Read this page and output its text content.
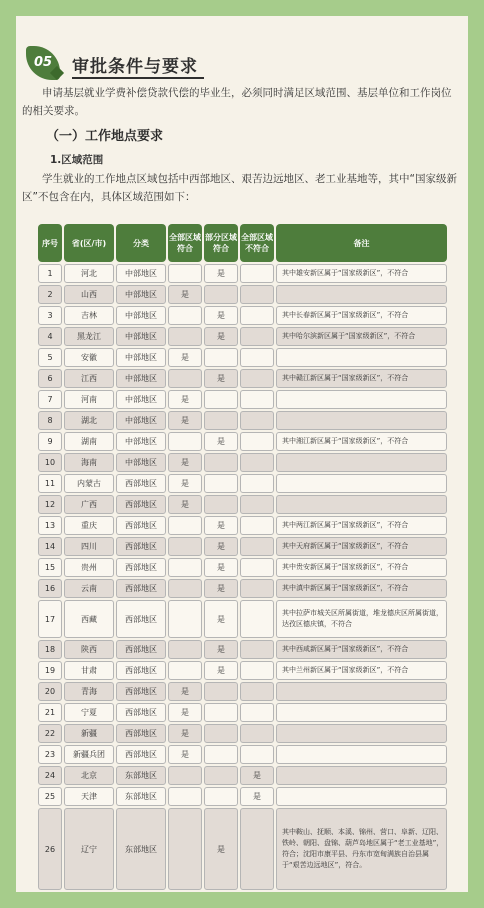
05	审批条件与要求
申请基层就业学费补偿贷款代偿的毕业生，必须同时满足区域范围、基层单位和工作岗位的相关要求。
（一）工作地点要求
1.区域范围
学生就业的工作地点区域包括中西部地区、艰苦边远地区、老工业基地等，其中“国家级新区”不包含在内，具体区域范围如下：
序号	省(区/市)	分类	全部区域符合	部分区域符合	全部区域不符合	备注
1	河北	中部地区		是		其中雄安新区属于“国家级新区”，不符合
2	山西	中部地区	是			
3	吉林	中部地区		是		其中长春新区属于“国家级新区”，不符合
4	黑龙江	中部地区		是		其中哈尔滨新区属于“国家级新区”，不符合
5	安徽	中部地区	是			
6	江西	中部地区		是		其中赣江新区属于“国家级新区”，不符合
7	河南	中部地区	是			
8	湖北	中部地区	是			
9	湖南	中部地区		是		其中湘江新区属于“国家级新区”，不符合
10	海南	中部地区	是			
11	内蒙古	西部地区	是			
12	广西	西部地区	是			
13	重庆	西部地区		是		其中两江新区属于“国家级新区”，不符合
14	四川	西部地区		是		其中天府新区属于“国家级新区”，不符合
15	贵州	西部地区		是		其中贵安新区属于“国家级新区”，不符合
16	云南	西部地区		是		其中滇中新区属于“国家级新区”，不符合
17	西藏	西部地区		是		其中拉萨市城关区所属街道，堆龙德庆区所属街道，达孜区德庆镇，不符合
18	陕西	西部地区		是		其中西咸新区属于“国家级新区”，不符合
19	甘肃	西部地区		是		其中兰州新区属于“国家级新区”，不符合
20	青海	西部地区	是			
21	宁夏	西部地区	是			
22	新疆	西部地区	是			
23	新疆兵团	西部地区	是			
24	北京	东部地区			是	
25	天津	东部地区			是	
26	辽宁	东部地区		是		其中鞍山、抚顺、本溪、锦州、营口、阜新、辽阳、铁岭、朝阳、盘锦、葫芦岛地区属于“老工业基地”，符合；沈阳市康平县、丹东市宽甸满族自治县属于“艰苦边远地区”，符合。
